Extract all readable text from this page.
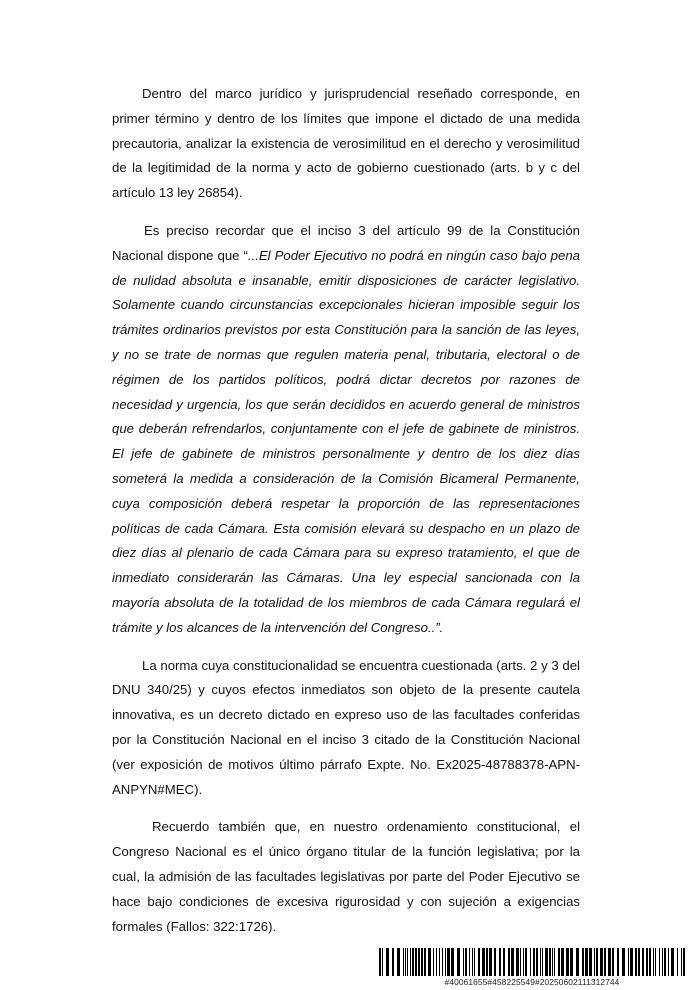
Dentro del marco jurídico y jurisprudencial reseñado corresponde, en primer término y dentro de los límites que impone el dictado de una medida precautoria, analizar la existencia de verosimilitud en el derecho y verosimilitud de la legitimidad de la norma y acto de gobierno cuestionado (arts. b y c del artículo 13 ley 26854).

Es preciso recordar que el inciso 3 del artículo 99 de la Constitución Nacional dispone que “...El Poder Ejecutivo no podrá en ningún caso bajo pena de nulidad absoluta e insanable, emitir disposiciones de carácter legislativo. Solamente cuando circunstancias excepcionales hicieran imposible seguir los trámites ordinarios previstos por esta Constitución para la sanción de las leyes, y no se trate de normas que regulen materia penal, tributaria, electoral o de régimen de los partidos políticos, podrá dictar decretos por razones de necesidad y urgencia, los que serán decididos en acuerdo general de ministros que deberán refrendarlos, conjuntamente con el jefe de gabinete de ministros. El jefe de gabinete de ministros personalmente y dentro de los diez días someterá la medida a consideración de la Comisión Bicameral Permanente, cuya composición deberá respetar la proporción de las representaciones políticas de cada Cámara. Esta comisión elevará su despacho en un plazo de diez días al plenario de cada Cámara para su expreso tratamiento, el que de inmediato considerarán las Cámaras. Una ley especial sancionada con la mayoría absoluta de la totalidad de los miembros de cada Cámara regulará el trámite y los alcances de la intervención del Congreso..”.

La norma cuya constitucionalidad se encuentra cuestionada (arts. 2 y 3 del DNU 340/25) y cuyos efectos inmediatos son objeto de la presente cautela innovativa, es un decreto dictado en expreso uso de las facultades conferidas por la Constitución Nacional en el inciso 3 citado de la Constitución Nacional (ver exposición de motivos último párrafo Expte. No. Ex2025-48788378-APN-ANPYN#MEC).

Recuerdo también que, en nuestro ordenamiento constitucional, el Congreso Nacional es el único órgano titular de la función legislativa; por la cual, la admisión de las facultades legislativas por parte del Poder Ejecutivo se hace bajo condiciones de excesiva rigurosidad y con sujeción a exigencias formales (Fallos: 322:1726).

#40061655#458225549#20250602111312744
